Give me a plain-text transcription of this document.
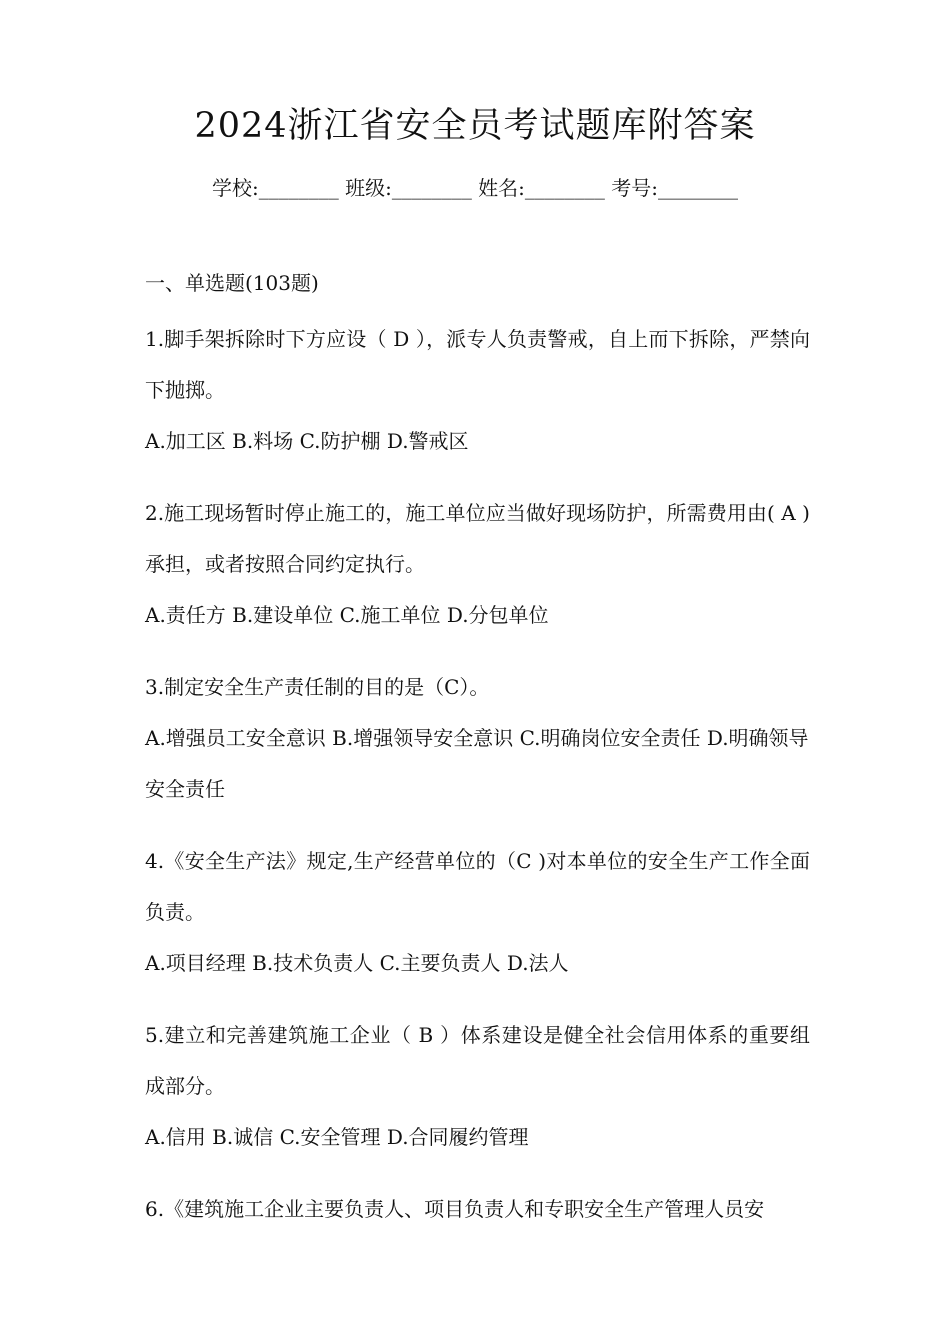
2024浙江省安全员考试题库附答案
学校:________ 班级:________ 姓名:________ 考号:________
一、单选题(103题)

1.脚手架拆除时下方应设（ D ），派专人负责警戒，自上而下拆除，严禁向下抛掷。

A.加工区 B.料场 C.防护棚 D.警戒区

2.施工现场暂时停止施工的，施工单位应当做好现场防护，所需费用由( A )承担，或者按照合同约定执行。

A.责任方 B.建设单位 C.施工单位 D.分包单位

3.制定安全生产责任制的目的是（C）。

A.增强员工安全意识 B.增强领导安全意识 C.明确岗位安全责任 D.明确领导安全责任

4.《安全生产法》规定,生产经营单位的（C )对本单位的安全生产工作全面负责。

A.项目经理 B.技术负责人 C.主要负责人 D.法人

5.建立和完善建筑施工企业（ B ）体系建设是健全社会信用体系的重要组成部分。

A.信用 B.诚信 C.安全管理 D.合同履约管理

6.《建筑施工企业主要负责人、项目负责人和专职安全生产管理人员安
